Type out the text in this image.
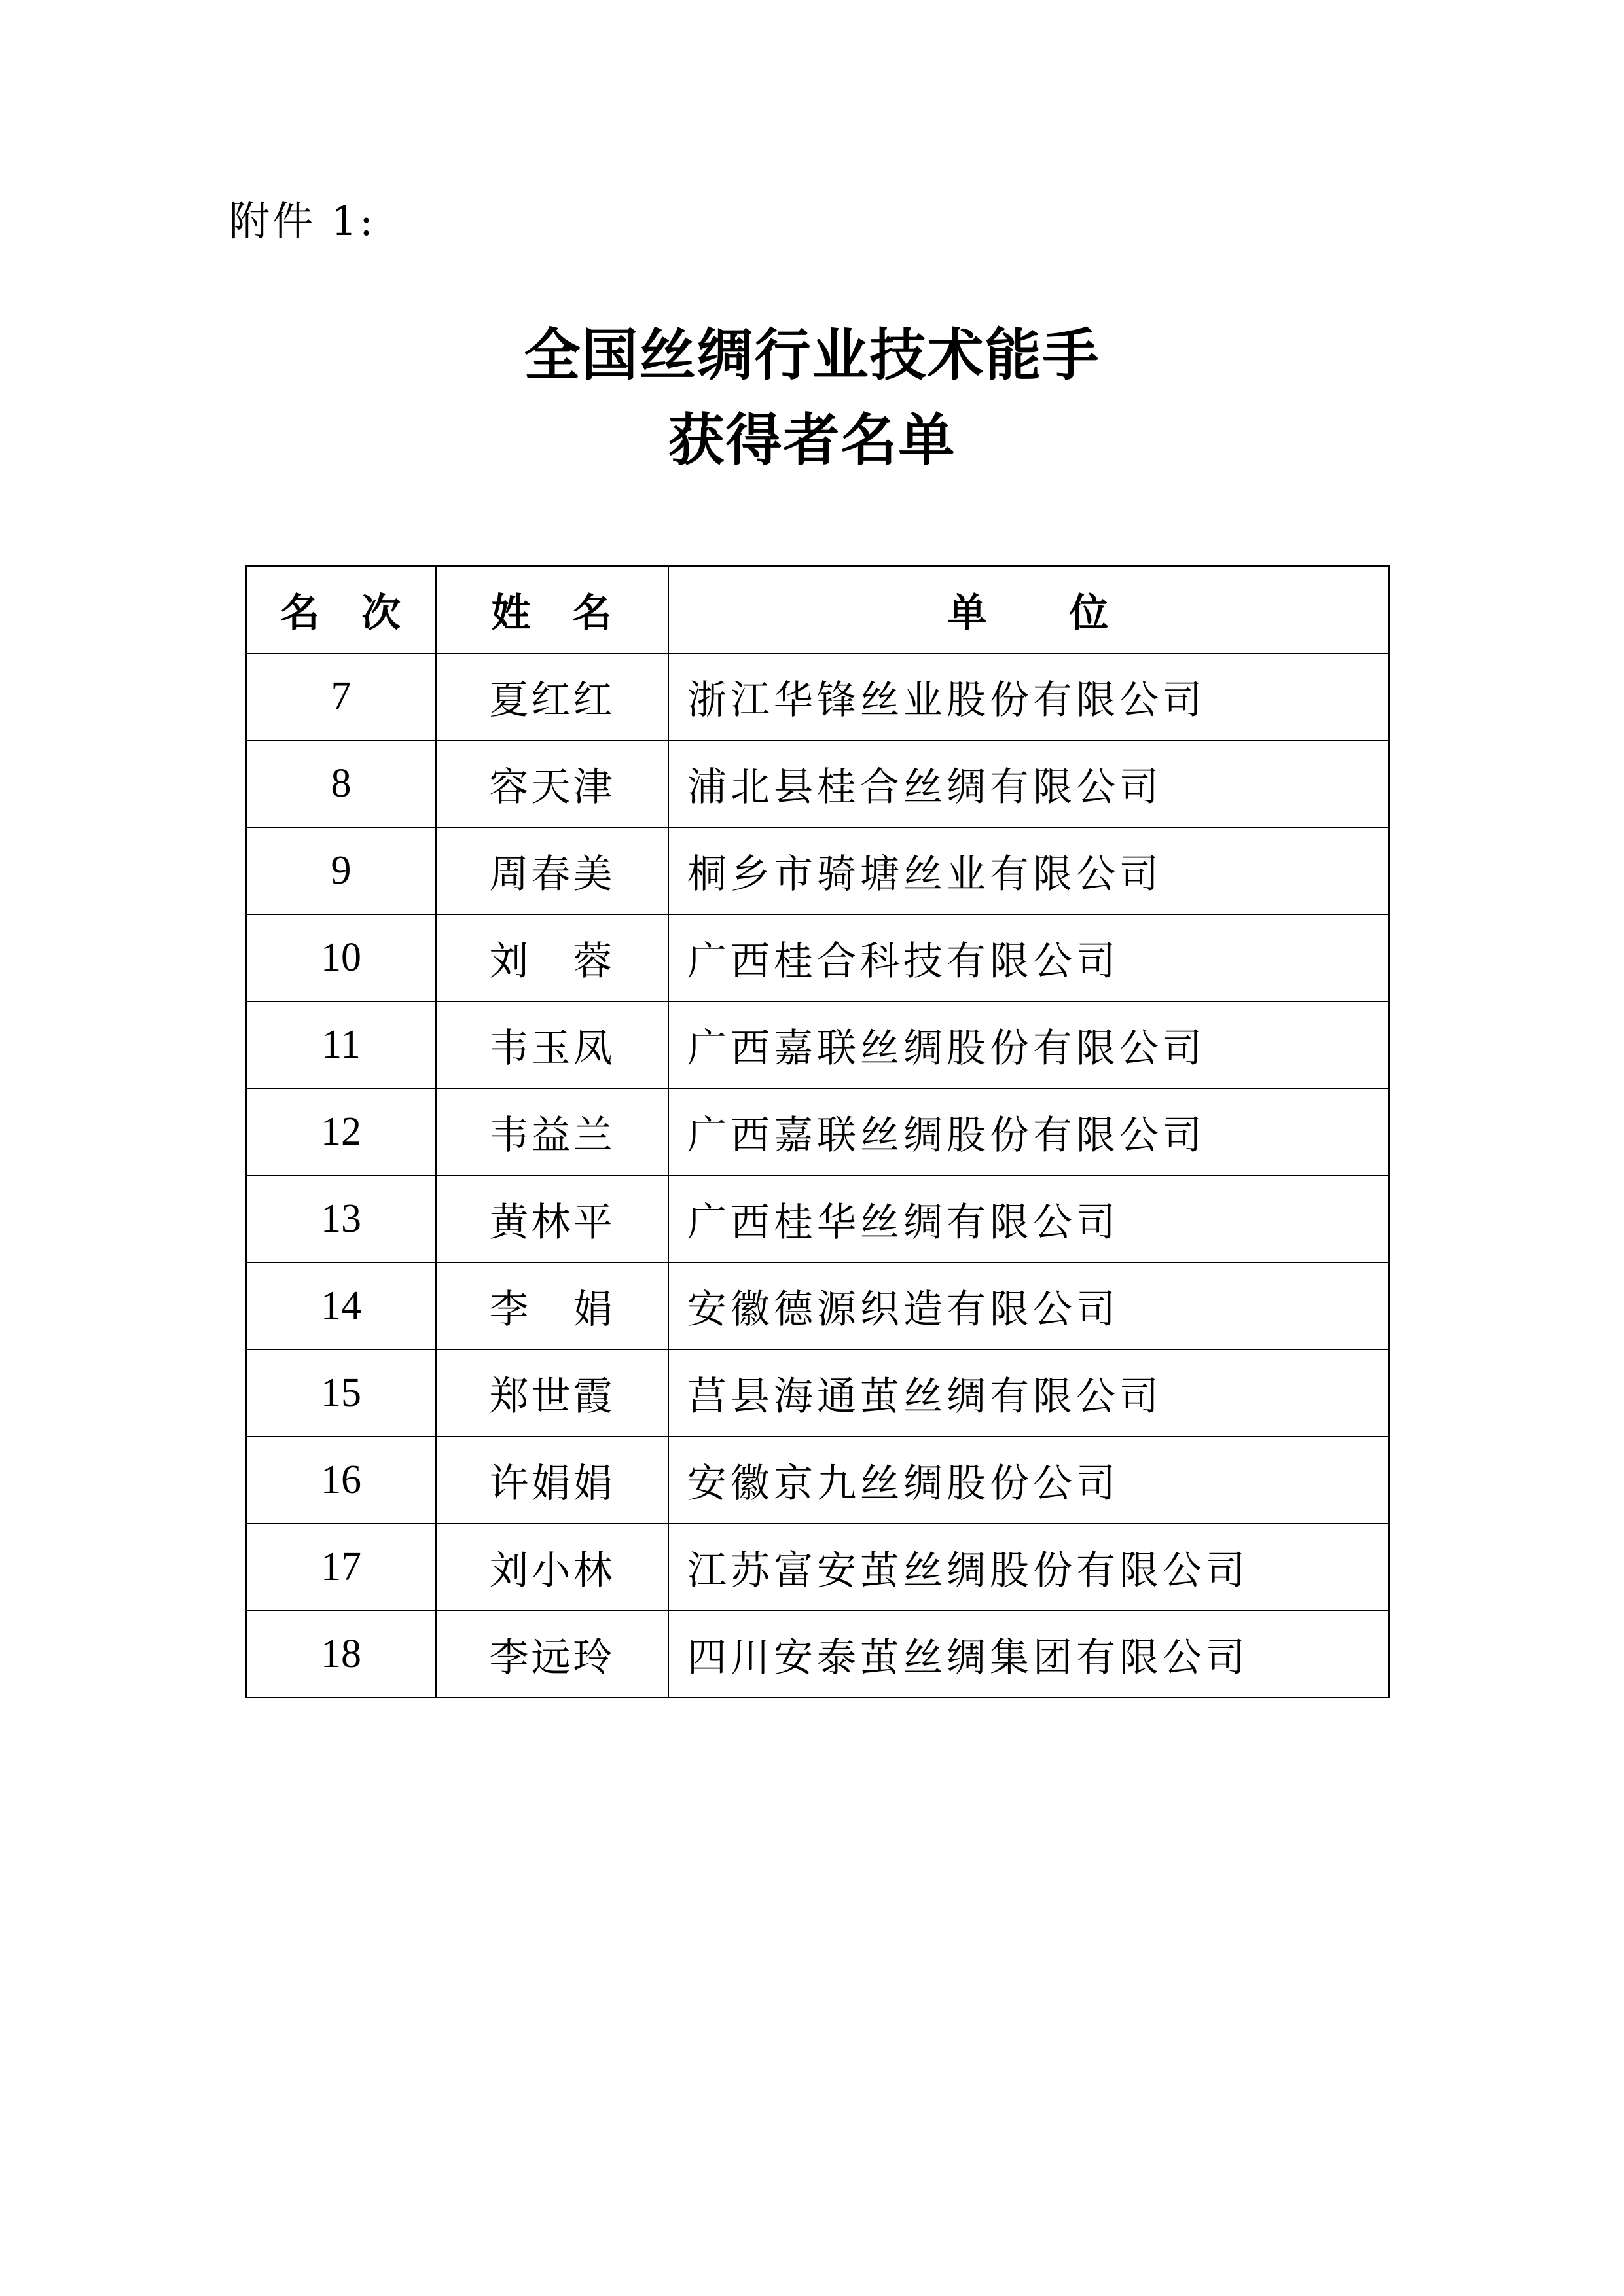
附件 1:

全国丝绸行业技术能手
获得者名单
名　次	姓　名	单　　位
7	夏红红	浙江华锋丝业股份有限公司
8	容天津	浦北县桂合丝绸有限公司
9	周春美	桐乡市骑塘丝业有限公司
10	刘　蓉	广西桂合科技有限公司
11	韦玉凤	广西嘉联丝绸股份有限公司
12	韦益兰	广西嘉联丝绸股份有限公司
13	黄林平	广西桂华丝绸有限公司
14	李　娟	安徽德源织造有限公司
15	郑世霞	莒县海通茧丝绸有限公司
16	许娟娟	安徽京九丝绸股份公司
17	刘小林	江苏富安茧丝绸股份有限公司
18	李远玲	四川安泰茧丝绸集团有限公司
